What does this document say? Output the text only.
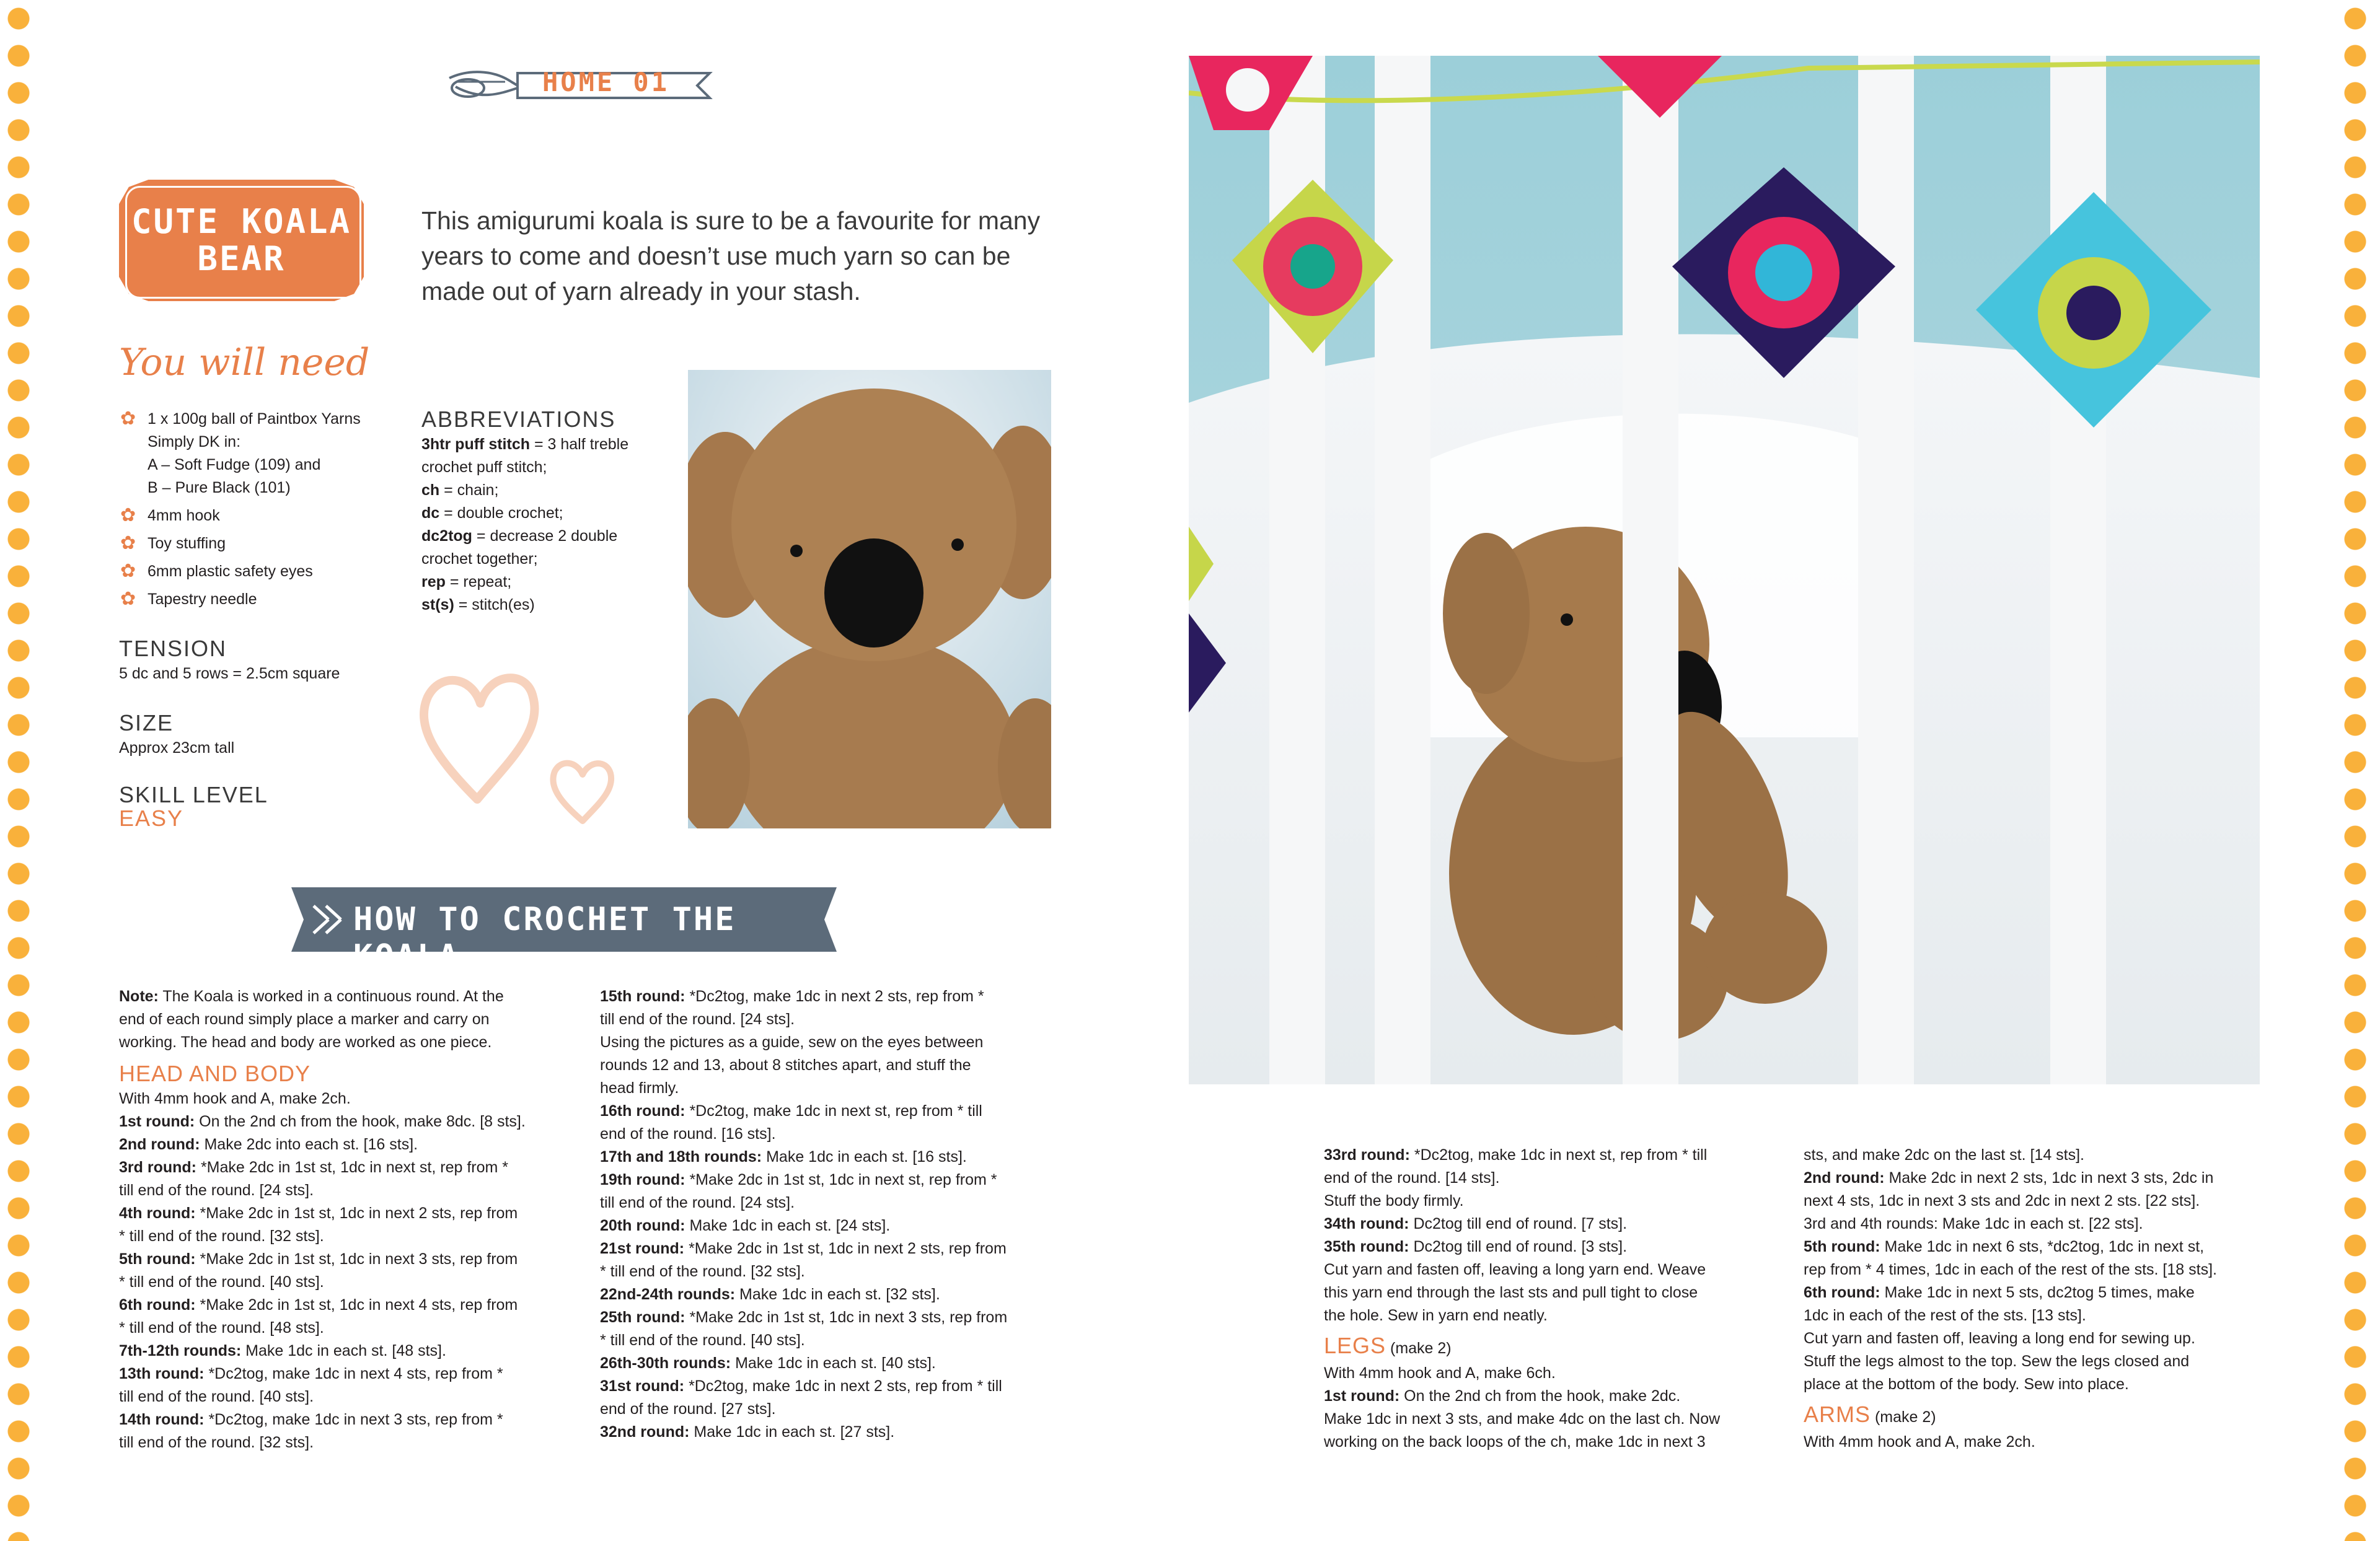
HOME 01
CUTE KOALA
BEAR
This amigurumi koala is sure to be a favourite for many years to come and doesn’t use much yarn so can be made out of yarn already in your stash.
You will need
✿ 1 x 100g ball of Paintbox Yarns
Simply DK in:
A – Soft Fudge (109) and
B – Pure Black (101)
✿ 4mm hook
✿ Toy stuffing
✿ 6mm plastic safety eyes
✿ Tapestry needle
TENSION
5 dc and 5 rows = 2.5cm square
SIZE
Approx 23cm tall
SKILL LEVEL
EASY
ABBREVIATIONS

3htr puff stitch = 3 half treble

crochet puff stitch;

ch = chain;

dc = double crochet;

dc2tog = decrease 2 double

crochet together;

rep = repeat;

st(s) = stitch(es)

HOW TO CROCHET THE KOALA

Note: The Koala is worked in a continuous round. At the

end of each round simply place a marker and carry on

working. The head and body are worked as one piece.

HEAD AND BODY

With 4mm hook and A, make 2ch.

1st round: On the 2nd ch from the hook, make 8dc. [8 sts].

2nd round: Make 2dc into each st. [16 sts].

3rd round: *Make 2dc in 1st st, 1dc in next st, rep from *

till end of the round. [24 sts].

4th round: *Make 2dc in 1st st, 1dc in next 2 sts, rep from

* till end of the round. [32 sts].

5th round: *Make 2dc in 1st st, 1dc in next 3 sts, rep from

* till end of the round. [40 sts].

6th round: *Make 2dc in 1st st, 1dc in next 4 sts, rep from

* till end of the round. [48 sts].

7th-12th rounds: Make 1dc in each st. [48 sts].

13th round: *Dc2tog, make 1dc in next 4 sts, rep from *

till end of the round. [40 sts].

14th round: *Dc2tog, make 1dc in next 3 sts, rep from *

till end of the round. [32 sts].

15th round: *Dc2tog, make 1dc in next 2 sts, rep from *

till end of the round. [24 sts].

Using the pictures as a guide, sew on the eyes between

rounds 12 and 13, about 8 stitches apart, and stuff the

head firmly.

16th round: *Dc2tog, make 1dc in next st, rep from * till

end of the round. [16 sts].

17th and 18th rounds: Make 1dc in each st. [16 sts].

19th round: *Make 2dc in 1st st, 1dc in next st, rep from *

till end of the round. [24 sts].

20th round: Make 1dc in each st. [24 sts].

21st round: *Make 2dc in 1st st, 1dc in next 2 sts, rep from

* till end of the round. [32 sts].

22nd-24th rounds: Make 1dc in each st. [32 sts].

25th round: *Make 2dc in 1st st, 1dc in next 3 sts, rep from

* till end of the round. [40 sts].

26th-30th rounds: Make 1dc in each st. [40 sts].

31st round: *Dc2tog, make 1dc in next 2 sts, rep from * till

end of the round. [27 sts].

32nd round: Make 1dc in each st. [27 sts].

33rd round: *Dc2tog, make 1dc in next st, rep from * till

end of the round. [14 sts].

Stuff the body firmly.

34th round: Dc2tog till end of round. [7 sts].

35th round: Dc2tog till end of round. [3 sts].

Cut yarn and fasten off, leaving a long yarn end. Weave

this yarn end through the last sts and pull tight to close

the hole. Sew in yarn end neatly.

LEGS (make 2)

With 4mm hook and A, make 6ch.

1st round: On the 2nd ch from the hook, make 2dc.

Make 1dc in next 3 sts, and make 4dc on the last ch. Now

working on the back loops of the ch, make 1dc in next 3

sts, and make 2dc on the last st. [14 sts].

2nd round: Make 2dc in next 2 sts, 1dc in next 3 sts, 2dc in

next 4 sts, 1dc in next 3 sts and 2dc in next 2 sts. [22 sts].

3rd and 4th rounds: Make 1dc in each st. [22 sts].

5th round: Make 1dc in next 6 sts, *dc2tog, 1dc in next st,

rep from * 4 times, 1dc in each of the rest of the sts. [18 sts].

6th round: Make 1dc in next 5 sts, dc2tog 5 times, make

1dc in each of the rest of the sts. [13 sts].

Cut yarn and fasten off, leaving a long end for sewing up.

Stuff the legs almost to the top. Sew the legs closed and

place at the bottom of the body. Sew into place.

ARMS (make 2)

With 4mm hook and A, make 2ch.
